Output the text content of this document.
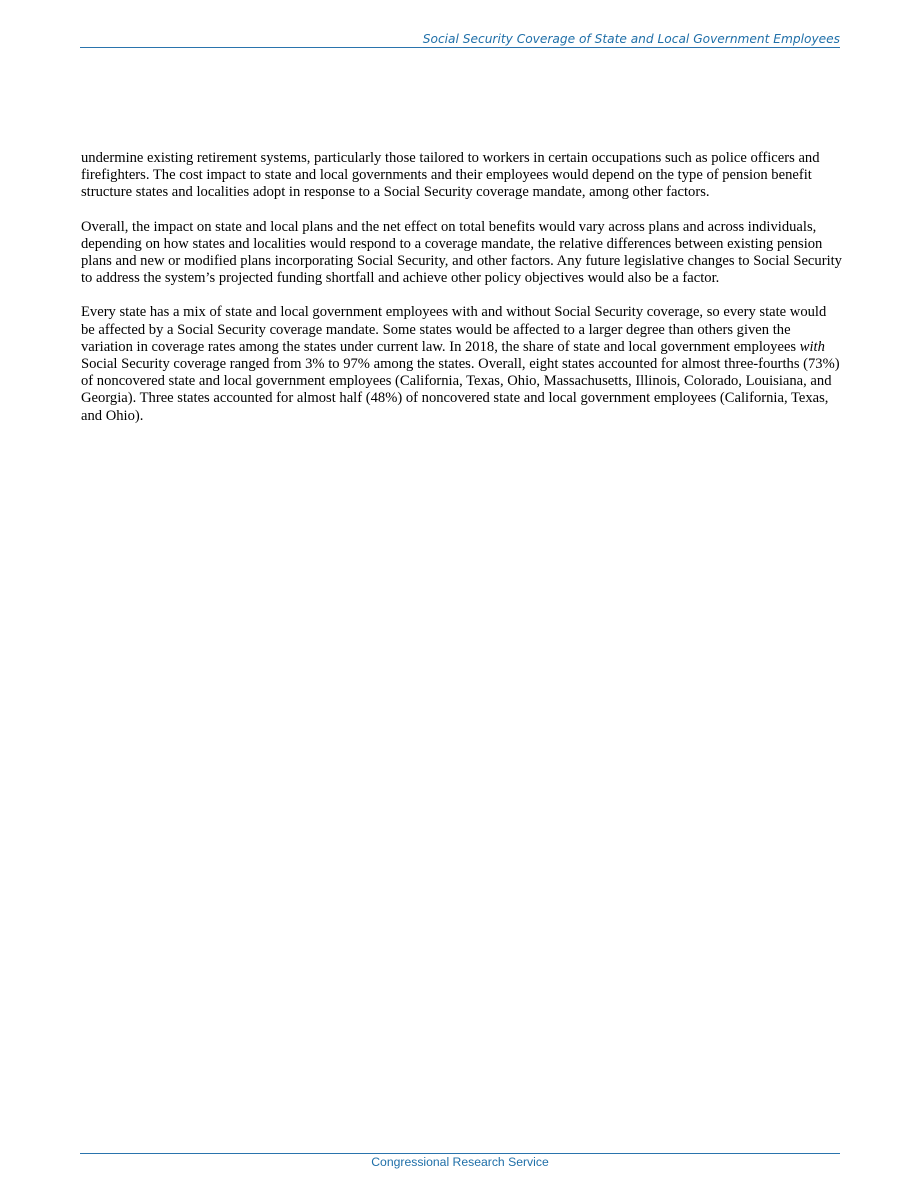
Social Security Coverage of State and Local Government Employees

undermine existing retirement systems, particularly those tailored to workers in certain occupations such as police officers and firefighters. The cost impact to state and local governments and their employees would depend on the type of pension benefit structure states and localities adopt in response to a Social Security coverage mandate, among other factors.

Overall, the impact on state and local plans and the net effect on total benefits would vary across plans and across individuals, depending on how states and localities would respond to a coverage mandate, the relative differences between existing pension plans and new or modified plans incorporating Social Security, and other factors. Any future legislative changes to Social Security to address the system’s projected funding shortfall and achieve other policy objectives would also be a factor.

Every state has a mix of state and local government employees with and without Social Security coverage, so every state would be affected by a Social Security coverage mandate. Some states would be affected to a larger degree than others given the variation in coverage rates among the states under current law. In 2018, the share of state and local government employees with Social Security coverage ranged from 3% to 97% among the states. Overall, eight states accounted for almost three-fourths (73%) of noncovered state and local government employees (California, Texas, Ohio, Massachusetts, Illinois, Colorado, Louisiana, and Georgia). Three states accounted for almost half (48%) of noncovered state and local government employees (California, Texas, and Ohio).

Congressional Research Service
